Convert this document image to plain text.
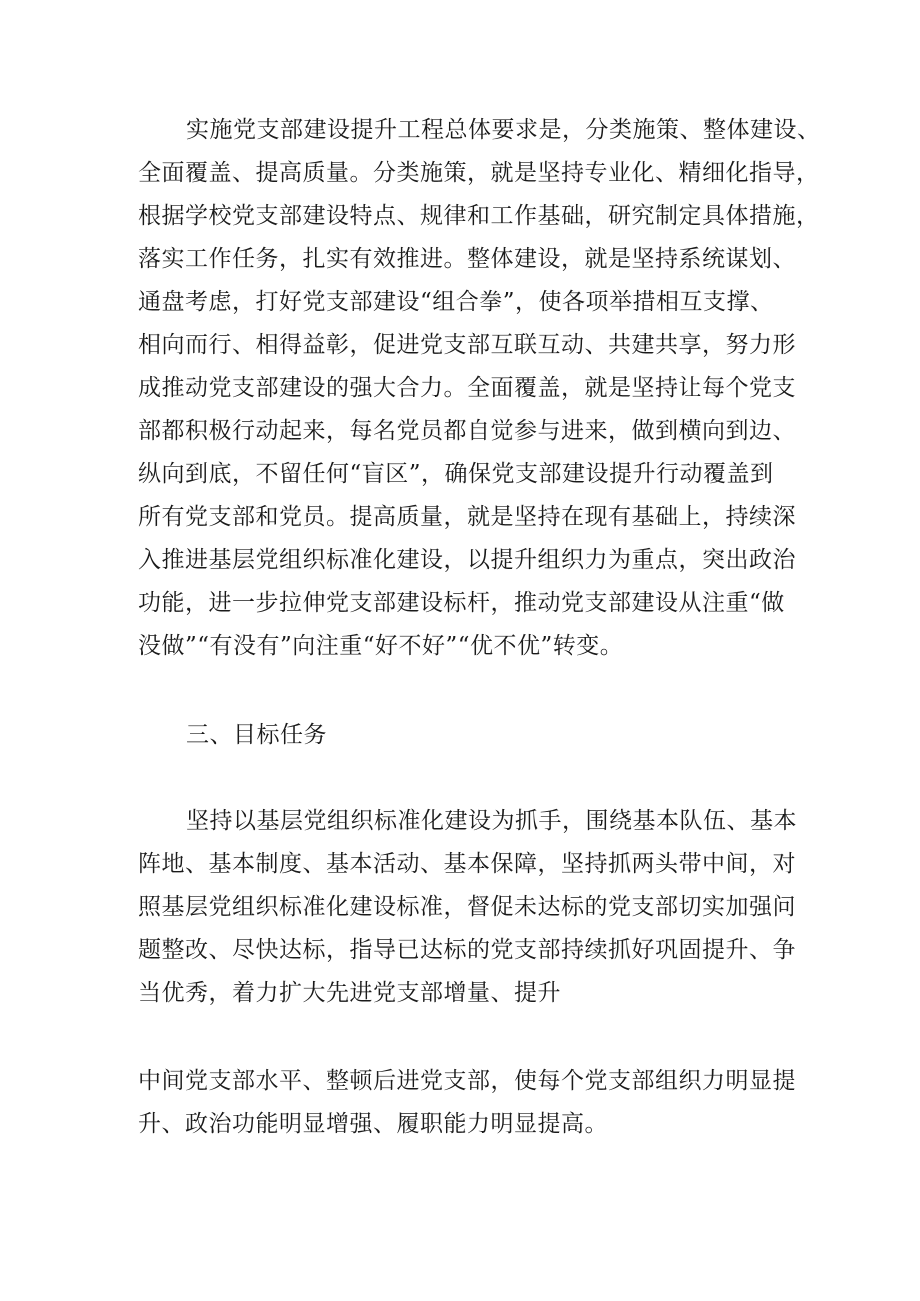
实施党支部建设提升工程总体要求是，分类施策、整体建设、
全面覆盖、提高质量。分类施策，就是坚持专业化、精细化指导，
根据学校党支部建设特点、规律和工作基础，研究制定具体措施，
落实工作任务，扎实有效推进。整体建设，就是坚持系统谋划、
通盘考虑，打好党支部建设“组合拳”，使各项举措相互支撑、
相向而行、相得益彰，促进党支部互联互动、共建共享，努力形
成推动党支部建设的强大合力。全面覆盖，就是坚持让每个党支
部都积极行动起来，每名党员都自觉参与进来，做到横向到边、
纵向到底，不留任何“盲区”，确保党支部建设提升行动覆盖到
所有党支部和党员。提高质量，就是坚持在现有基础上，持续深
入推进基层党组织标准化建设，以提升组织力为重点，突出政治
功能，进一步拉伸党支部建设标杆，推动党支部建设从注重“做
没做”“有没有”向注重“好不好”“优不优”转变。
三、目标任务
坚持以基层党组织标准化建设为抓手，围绕基本队伍、基本
阵地、基本制度、基本活动、基本保障，坚持抓两头带中间，对
照基层党组织标准化建设标准，督促未达标的党支部切实加强问
题整改、尽快达标，指导已达标的党支部持续抓好巩固提升、争
当优秀，着力扩大先进党支部增量、提升
中间党支部水平、整顿后进党支部，使每个党支部组织力明显提
升、政治功能明显增强、履职能力明显提高。
